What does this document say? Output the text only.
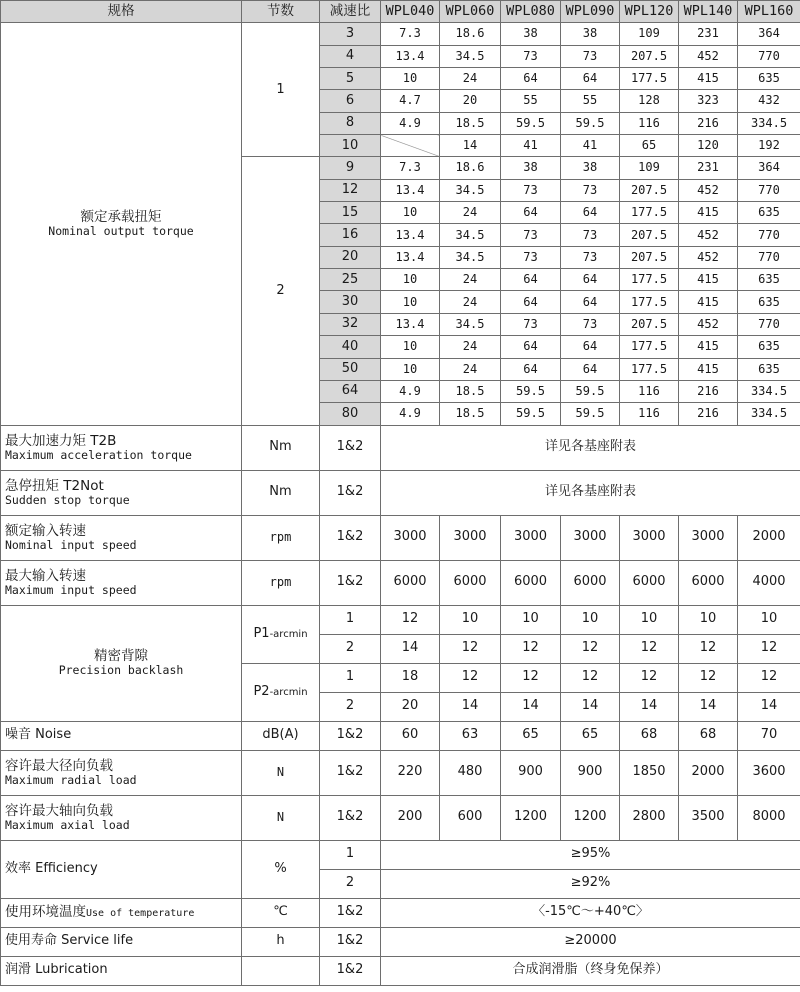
规格	节数	减速比	WPL040	WPL060	WPL080	WPL090	WPL120	WPL140	WPL160

额定承载扭矩
Nominal output torque	1	3	7.3	18.6	38	38	109	231	364
		4	13.4	34.5	73	73	207.5	452	770
		5	10	24	64	64	177.5	415	635
		6	4.7	20	55	55	128	323	432
		8	4.9	18.5	59.5	59.5	116	216	334.5
		10		14	41	41	65	120	192
	2	9	7.3	18.6	38	38	109	231	364
		12	13.4	34.5	73	73	207.5	452	770
		15	10	24	64	64	177.5	415	635
		16	13.4	34.5	73	73	207.5	452	770
		20	13.4	34.5	73	73	207.5	452	770
		25	10	24	64	64	177.5	415	635
		30	10	24	64	64	177.5	415	635
		32	13.4	34.5	73	73	207.5	452	770
		40	10	24	64	64	177.5	415	635
		50	10	24	64	64	177.5	415	635
		64	4.9	18.5	59.5	59.5	116	216	334.5
		80	4.9	18.5	59.5	59.5	116	216	334.5

最大加速力矩 T2B
Maximum acceleration torque	Nm	1&2	详见各基座附表						

急停扭矩 T2Not
Sudden stop torque	Nm	1&2	详见各基座附表						

额定输入转速
Nominal input speed	rpm	1&2	3000	3000	3000	3000	3000	3000	2000

最大输入转速
Maximum input speed	rpm	1&2	6000	6000	6000	6000	6000	6000	4000

精密背隙
Precision backlash	P1-arcmin	1	12	10	10	10	10	10	10
		2	14	12	12	12	12	12	12
	P2-arcmin	1	18	12	12	12	12	12	12
		2	20	14	14	14	14	14	14
噪音 Noise	dB(A)	1&2	60	63	65	65	68	68	70

容许最大径向负载
Maximum radial load	N	1&2	220	480	900	900	1850	2000	3600

容许最大轴向负载
Maximum axial load	N	1&2	200	600	1200	1200	2800	3500	8000
效率 Efficiency	%	1	≥95%						
		2	≥92%						
使用环境温度Use of temperature	℃	1&2	〈-15℃～+40℃〉						
使用寿命 Service life	h	1&2	≥20000						
润滑 Lubrication		1&2	合成润滑脂（终身免保养）						
